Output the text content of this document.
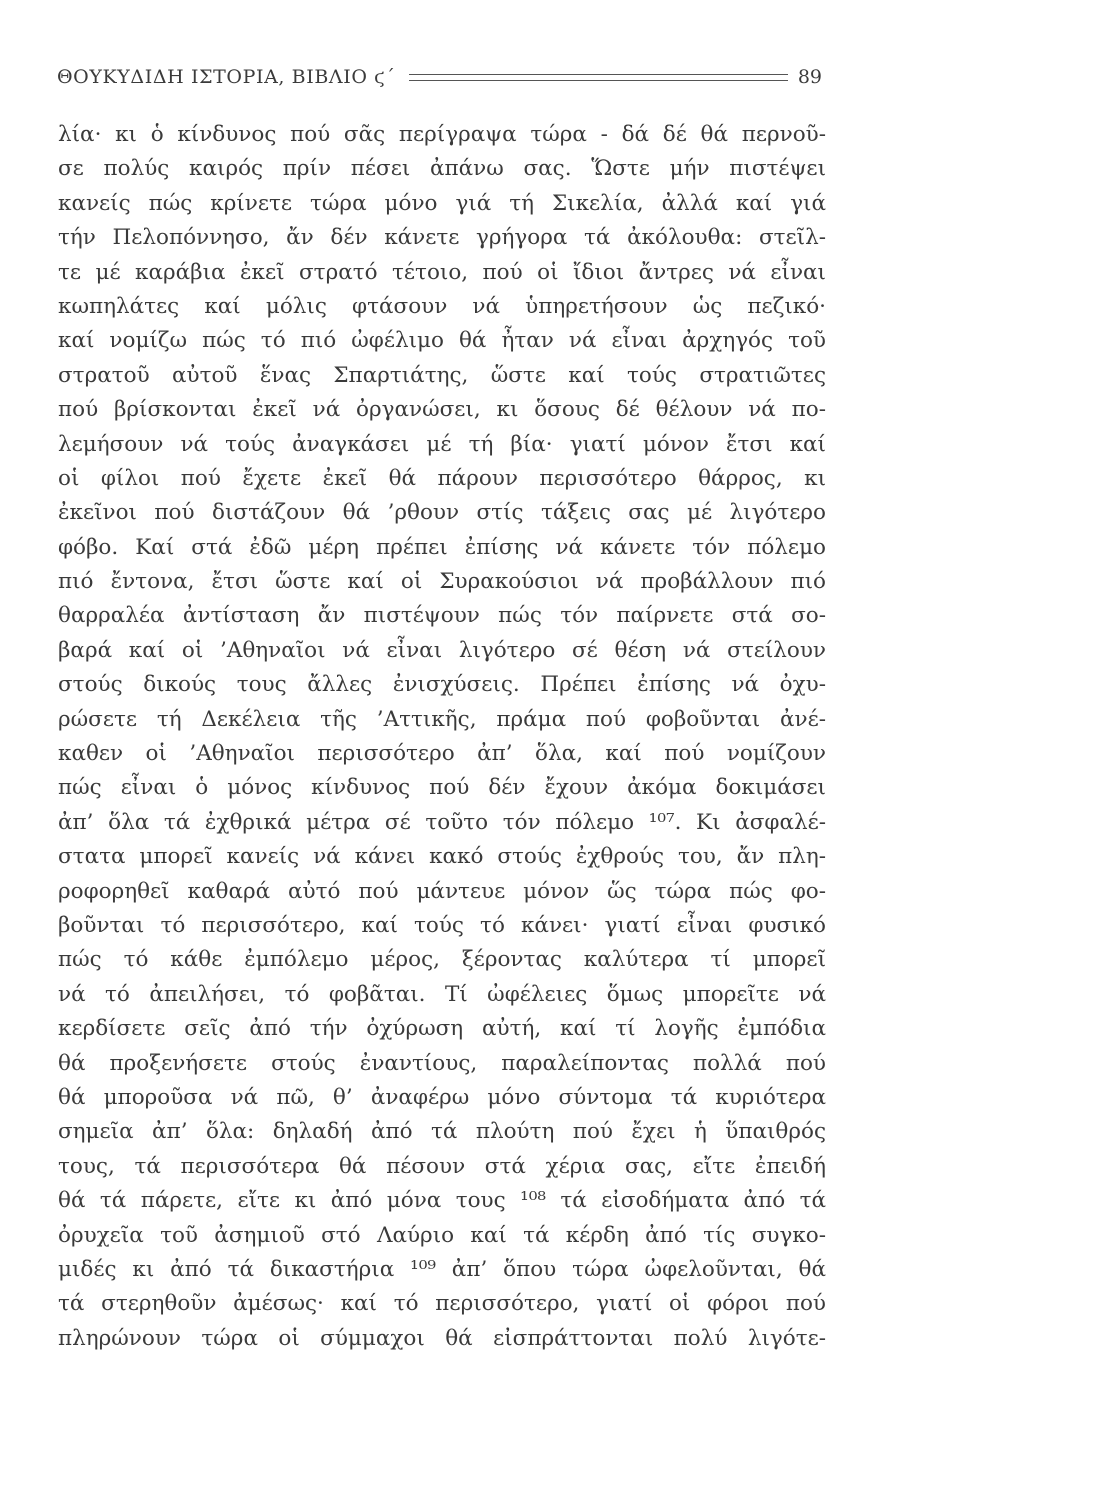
ΘΟΥΚΥΔΙΔΗ ΙΣΤΟΡΙΑ, ΒΙΒΛΙΟ ϛ΄	89
λία· κι ὁ κίνδυνος πού σᾶς περίγραψα τώρα - δά δέ θά περνοῦ-
σε πολύς καιρός πρίν πέσει ἀπάνω σας. Ὥστε μήν πιστέψει
κανείς πώς κρίνετε τώρα μόνο γιά τή Σικελία, ἀλλά καί γιά
τήν Πελοπόννησο, ἄν δέν κάνετε γρήγορα τά ἀκόλουθα: στεῖλ-
τε μέ καράβια ἐκεῖ στρατό τέτοιο, πού οἱ ἴδιοι ἄντρες νά εἶναι
κωπηλάτες καί μόλις φτάσουν νά ὑπηρετήσουν ὡς πεζικό·
καί νομίζω πώς τό πιό ὠφέλιμο θά ἦταν νά εἶναι ἀρχηγός τοῦ
στρατοῦ αὐτοῦ ἕνας Σπαρτιάτης, ὥστε καί τούς στρατιῶτες
πού βρίσκονται ἐκεῖ νά ὀργανώσει, κι ὅσους δέ θέλουν νά πο-
λεμήσουν νά τούς ἀναγκάσει μέ τή βία· γιατί μόνον ἔτσι καί
οἱ φίλοι πού ἔχετε ἐκεῖ θά πάρουν περισσότερο θάρρος, κι
ἐκεῖνοι πού διστάζουν θά ’ρθουν στίς τάξεις σας μέ λιγότερο
φόβο. Καί στά ἐδῶ μέρη πρέπει ἐπίσης νά κάνετε τόν πόλεμο
πιό ἔντονα, ἔτσι ὥστε καί οἱ Συρακούσιοι νά προβάλλουν πιό
θαρραλέα ἀντίσταση ἄν πιστέψουν πώς τόν παίρνετε στά σο-
βαρά καί οἱ ’Αθηναῖοι νά εἶναι λιγότερο σέ θέση νά στείλουν
στούς δικούς τους ἄλλες ἐνισχύσεις. Πρέπει ἐπίσης νά ὀχυ-
ρώσετε τή Δεκέλεια τῆς ’Αττικῆς, πράμα πού φοβοῦνται ἀνέ-
καθεν οἱ ’Αθηναῖοι περισσότερο ἀπ’ ὅλα, καί πού νομίζουν
πώς εἶναι ὁ μόνος κίνδυνος πού δέν ἔχουν ἀκόμα δοκιμάσει
ἀπ’ ὅλα τά ἐχθρικά μέτρα σέ τοῦτο τόν πόλεμο ¹⁰⁷. Κι ἀσφαλέ-
στατα μπορεῖ κανείς νά κάνει κακό στούς ἐχθρούς του, ἄν πλη-
ροφορηθεῖ καθαρά αὐτό πού μάντευε μόνον ὥς τώρα πώς φο-
βοῦνται τό περισσότερο, καί τούς τό κάνει· γιατί εἶναι φυσικό
πώς τό κάθε ἐμπόλεμο μέρος, ξέροντας καλύτερα τί μπορεῖ
νά τό ἀπειλήσει, τό φοβᾶται. Τί ὠφέλειες ὅμως μπορεῖτε νά
κερδίσετε σεῖς ἀπό τήν ὀχύρωση αὐτή, καί τί λογῆς ἐμπόδια
θά προξενήσετε στούς ἐναντίους, παραλείποντας πολλά πού
θά μποροῦσα νά πῶ, θ’ ἀναφέρω μόνο σύντομα τά κυριότερα
σημεῖα ἀπ’ ὅλα: δηλαδή ἀπό τά πλούτη πού ἔχει ἡ ὕπαιθρός
τους, τά περισσότερα θά πέσουν στά χέρια σας, εἴτε ἐπειδή
θά τά πάρετε, εἴτε κι ἀπό μόνα τους ¹⁰⁸ τά εἰσοδήματα ἀπό τά
ὀρυχεῖα τοῦ ἀσημιοῦ στό Λαύριο καί τά κέρδη ἀπό τίς συγκο-
μιδές κι ἀπό τά δικαστήρια ¹⁰⁹ ἀπ’ ὅπου τώρα ὠφελοῦνται, θά
τά στερηθοῦν ἀμέσως· καί τό περισσότερο, γιατί οἱ φόροι πού
πληρώνουν τώρα οἱ σύμμαχοι θά εἰσπράττονται πολύ λιγότε-
